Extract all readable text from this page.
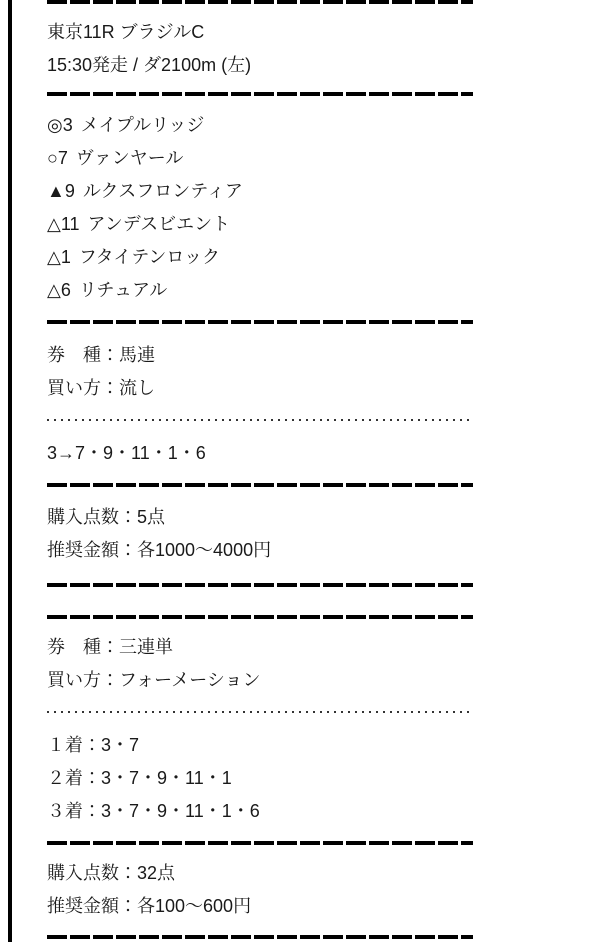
東京11R ブラジルC
15:30発走 / ダ2100m (左)
◎3 メイプルリッジ
○7 ヴァンヤール
▲9 ルクスフロンティア
△11 アンデスビエント
△1 フタイテンロック
△6 リチュアル
券　種：馬連
買い方：流し
3→7・9・11・1・6
購入点数：5点
推奨金額：各1000〜4000円
券　種：三連単
買い方：フォーメーション
１着：3・7
２着：3・7・9・11・1
３着：3・7・9・11・1・6
購入点数：32点
推奨金額：各100〜600円
